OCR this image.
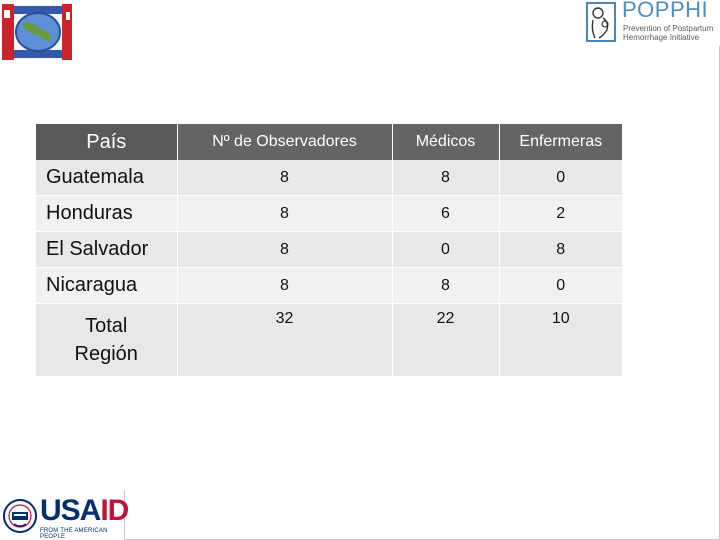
POPPHI
Prevention of Postpartum
Hemorrhage Initiative
País	Nº de Observadores	Médicos	Enfermeras
Guatemala	8	8	0
Honduras	8	6	2
El Salvador	8	0	8
Nicaragua	8	8	0

Total
Región	32	22	10
USAID
FROM THE AMERICAN PEOPLE
